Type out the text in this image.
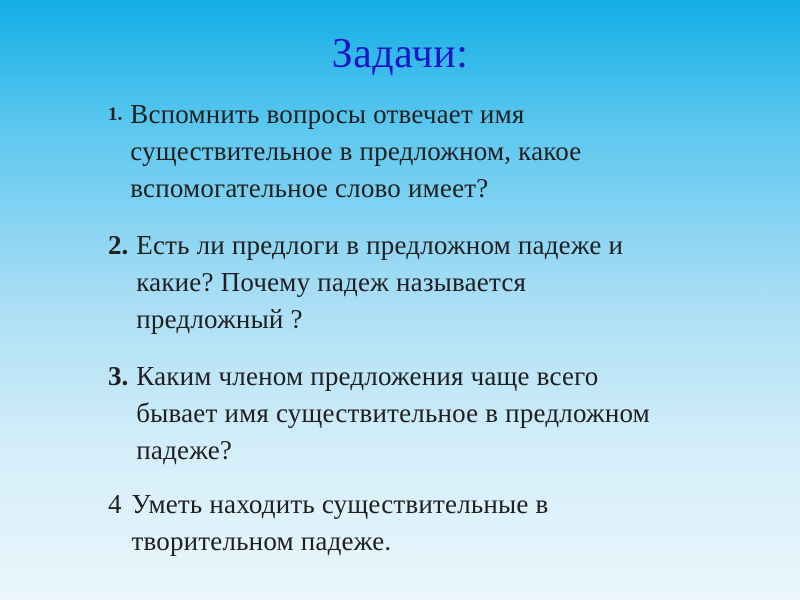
Задачи:
1. Вспомнить вопросы отвечает имя
существительное в предложном, какое
вспомогательное слово имеет?
2. Есть ли предлоги в предложном падеже и
какие? Почему падеж называется
предложный ?
3. Каким членом предложения чаще всего
бывает имя существительное в предложном
падеже?
4 Уметь находить существительные в
творительном падеже.
